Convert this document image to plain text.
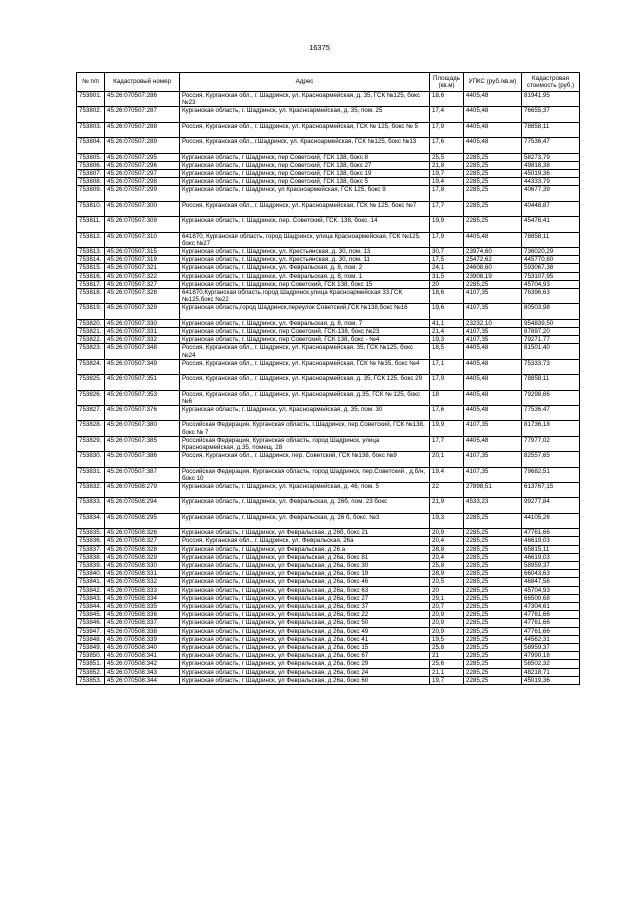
16375
№ п/п	Кадастровый номер	Адрес	Площадь (кв.м)	УПКС (руб./кв.м)	Кадастровая стоимость (руб.)
753801.	45:26:070507:286	Россия, Курганская обл., г. Шадринск, ул. Красноармейская, д. 35, ГСК №125, бокс №23	18,6	4405,48	81941,95
753802.	45:26:070507:287	Курганская область, г. Шадринск, ул. Красноармейская, д. 35, пом. 25	17,4	4405,48	76655,37
753803.	45:26:070507:288	Россия, Курганская обл., г. Шадринск, ул. Красноармейская, ГСК № 125, бокс № 5	17,9	4405,48	78858,11
753804.	45:26:070507:289	Россия, Курганская обл., г.Шадринск, ул. Красноармейская, ГСК №125, бокс №13	17,6	4405,48	77536,47
753805.	45:26:070507:295	Курганская область, г Шадринск, пер Советский, ГСК 138, бокс 8	25,5	2285,25	58273,79
753806.	45:26:070507:296	Курганская область, г Шадринск, пер Советский, ГСК 138, бокс 27	21,8	2285,25	49818,38
753807.	45:26:070507:297	Курганская область, г Шадринск, пер Советский, ГСК 138, бокс 19	19,7	2285,25	45019,36
753808.	45:26:070507:298	Курганская область, г Шадринск, пер Советский, ГСК 138, бокс 5	19,4	2285,25	44333,79
753809.	45:26:070507:299	Курганская область, г Шадринск, ул Красноармейская, ГСК 125, бокс 9	17,8	2285,25	40677,39
753810.	45:26:070507:300	Россия, Курганская обл., г. Шадринск, ул. Красноармейская, ГСК № 125, бокс №7	17,7	2285,25	40448,87
753811.	45:26:070507:309	Курганская область, г. Шадринск, пер. Советский, ГСК. 138, бокс. 14	19,9	2285,25	45476,41
753812.	45:26:070507:310	641870, Курганская область, город Шадринск, улица Красноармейская, ГСК №125, бокс №27	17,9	4405,48	78858,11
753813.	45:26:070507:315	Курганская область, г. Шадринск, ул. Крестьянская, д. 30, пом. 13	30,7	23974,60	736020,29
753814.	45:26:070507:319	Курганская область, г. Шадринск, ул. Крестьянская, д. 30, пом. 11	17,5	25472,62	445770,80
753815.	45:26:070507:321	Курганская область, г. Шадринск, ул. Февральская, д. 8, пом. 2	24,1	24608,60	593067,38
753816.	45:26:070507:322	Курганская область, г. Шадринск, ул. Февральская, д. 8, пом. 1	31,5	23908,19	753107,95
753817.	45:26:070507:327	Курганская область, г. Шадринск, пер Советский, ГСК 138, бокс 15	20	2285,25	45704,93
753818.	45:26:070507:328	641870,Курганская область,город Шадринск,улица Красноармейская 33,ГСК №125,бокс №22	18,6	4107,35	76396,63
753819.	45:26:070507:329	Курганская область,город Шадринск,переулок Советский,ГСК №138,бокс №16	19,6	4107,35	80503,98
753820.	45:26:070507:330	Курганская область, г. Шадринск, ул. Февральская, д. 8, пом. 7	41,1	23232,10	954839,50
753821.	45:26:070507:331	Курганская область, г. Шадринск, пер Советский, ГСК-138, бокс №23	21,4	4107,35	87897,20
753822.	45:26:070507:332	Курганская область, г. Шадринск, пер Советский, ГСК 138, бокс - №4	19,3	4107,35	79271,77
753823.	45:26:070507:348	Россия, Курганская обл., г. Шадринск, ул. Красноармейская, 35, ГСК №125, бокс №24	18,5	4405,48	81501,40
753824.	45:26:070507:349	Россия, Курганская обл., г. Шадринск, ул. Красноармейская, ГСК № №35, бокс №4	17,1	4405,48	75333,73
753825.	45:26:070507:351	Россия, Курганская обл., г. Шадринск, ул. Красноармейская, д. 35, ГСК 125, бокс 29	17,9	4405,48	78858,11
753826.	45:26:070507:353	Россия, Курганская обл., г. Шадринск, ул. Красноармейская, д.35, ГСК № 125, бокс №6	18	4405,48	79298,66
753827.	45:26:070507:376	Курганская область, г. Шадринск, ул. Красноармейская, д. 35, пом. 30	17,6	4405,48	77536,47
753828.	45:26:070507:380	Российская Федерация, Курганская область, г.Шадринск, пер.Советский, ГСК №138, бокс № 7	19,9	4107,35	81736,18
753829.	45:26:070507:385	Российская Федерация, Курганская область, город Шадринск, улица Красноармейская, д.35, помещ. 28	17,7	4405,48	77977,02
753830.	45:26:070507:386	Россия, Курганская обл., г. Шадринск, пер. Советский, ГСК №138, бокс №9	20,1	4107,35	82557,65
753831.	45:26:070507:387	Российская Федерация, Курганская область, город Шадринск, пер.Советский , д.б/н, бокс 10	19,4	4107,35	79682,51
753832.	45:26:070508:279	Курганская область, г. Шадринск, ул. Красноармейская, д. 46, пом. 5	22	27898,51	613767,15
753833.	45:26:070508:294	Курганская область, г. Шадринск, ул. Февральская, д. 26б, пом. 23 бокс	21,9	4533,23	99277,84
753834.	45:26:070508:295	Курганская область, г. Шадринск, ул. Февральская, д. 26 б, бокс. №3	19,3	2285,25	44105,26
753835.	45:26:070508:326	Курганская область, г Шадринск, ул Февральская, д 26б, бокс 21	20,9	2285,25	47761,66
753836.	45:26:070508:327	Россия, Курганская обл., г. Шадринск, ул. Февральская, 26а	20,4	2285,25	46619,03
753837.	45:26:070508:328	Курганская область, г Шадринск, ул Февральская, д 26 а	28,8	2285,25	65815,11
753838.	45:26:070508:329	Курганская область, г Шадринск, ул Февральская, д 26а, бокс 81	20,4	2285,25	46619,03
753839.	45:26:070508:330	Курганская область, г Шадринск, ул Февральская, д 26а, бокс 30	25,8	2285,25	58959,37
753840.	45:26:070508:331	Курганская область, г Шадринск, ул Февральская, д 26а, бокс 19	28,9	2285,25	66043,63
753841.	45:26:070508:332	Курганская область, г Шадринск, ул Февральская, д 26а, бокс 46	20,5	2285,25	46847,56
753842.	45:26:070508:333	Курганская область, г Шадринск, ул Февральская, д 26а, бокс 63	20	2285,25	45704,93
753843.	45:26:070508:334	Курганская область, г Шадринск, ул Февральская, д 26а, бокс 27	29,1	2285,25	66500,68
753844.	45:26:070508:335	Курганская область, г Шадринск, ул Февральская, д 26а, бокс 37	20,7	2285,25	47304,61
753845.	45:26:070508:336	Курганская область, г Шадринск, ул Февральская, д 26а, бокс 22	20,9	2285,25	47761,66
753846.	45:26:070508:337	Курганская область, г Шадринск, ул Февральская, д 26а, бокс 50	20,9	2285,25	47761,66
753847.	45:26:070508:338	Курганская область, г Шадринск, ул Февральская, д 26а, бокс 49	20,9	2285,25	47761,66
753848.	45:26:070508:339	Курганская область, г Шадринск, ул Февральская, д 26а, бокс 41	19,5	2285,25	44562,31
753849.	45:26:070508:340	Курганская область, г Шадринск, ул Февральская, д 26а, бокс 15	25,8	2285,25	58959,37
753850.	45:26:070508:341	Курганская область, г Шадринск, ул Февральская, д 26а, бокс 67	21	2285,25	47990,18
753851.	45:26:070508:342	Курганская область, г Шадринск, ул Февральская, д 26а, бокс 29	25,6	2285,25	58502,32
753852.	45:26:070508:343	Курганская область, г Шадринск, ул Февральская, д 26а, бокс 24	21,1	2285,25	48218,71
753853.	45:26:070508:344	Курганская область, г Шадринск, ул Февральская, д 26а, бокс 60	19,7	2285,25	45019,36
